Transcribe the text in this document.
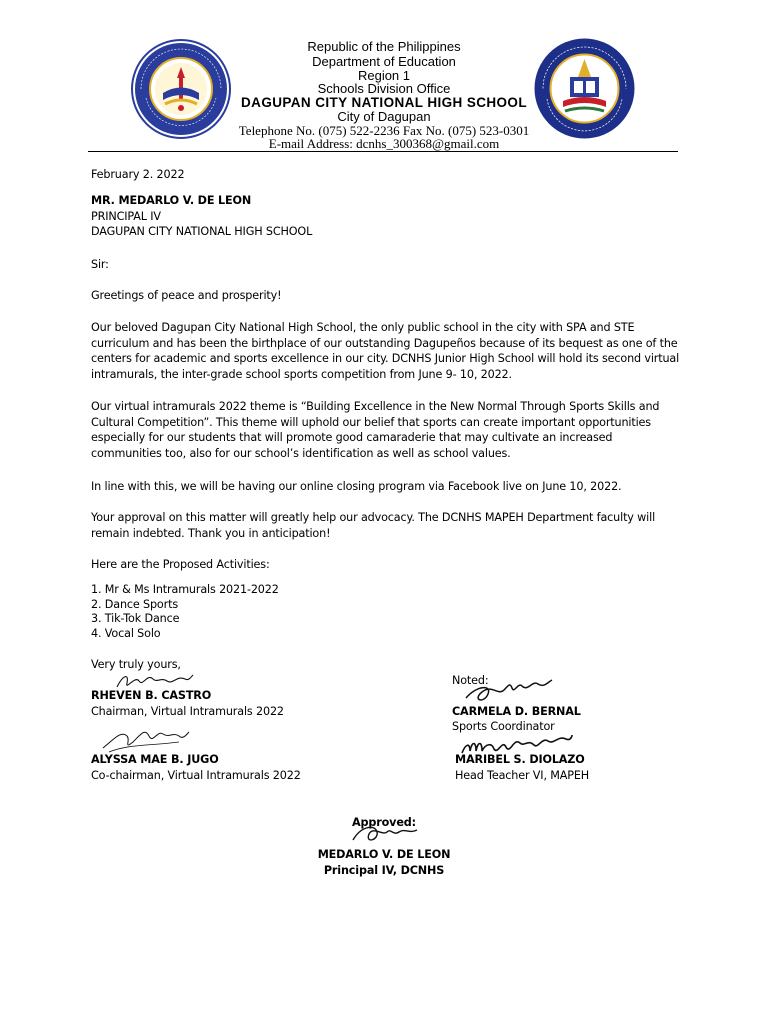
Republic of the Philippines
Department of Education
Region 1
Schools Division Office
DAGUPAN CITY NATIONAL HIGH SCHOOL
City of Dagupan
Telephone No. (075) 522-2236 Fax No. (075) 523-0301
E-mail Address: dcnhs_300368@gmail.com
February 2. 2022
MR. MEDARLO V. DE LEON
PRINCIPAL IV
DAGUPAN CITY NATIONAL HIGH SCHOOL
Sir:
Greetings of peace and prosperity!

Our beloved Dagupan City National High School, the only public school in the city with SPA and STE curriculum and has been the birthplace of our outstanding Dagupeños because of its bequest as one of the centers for academic and sports excellence in our city. DCNHS Junior High School will hold its second virtual intramurals, the inter-grade school sports competition from June 9- 10, 2022.

Our virtual intramurals 2022 theme is “Building Excellence in the New Normal Through Sports Skills and Cultural Competition”. This theme will uphold our belief that sports can create important opportunities especially for our students that will promote good camaraderie that may cultivate an increased communities too, also for our school’s identification as well as school values.

In line with this, we will be having our online closing program via Facebook live on June 10, 2022.

Your approval on this matter will greatly help our advocacy. The DCNHS MAPEH Department faculty will remain indebted. Thank you in anticipation!

Here are the Proposed Activities:
1. Mr & Ms Intramurals 2021-2022
2. Dance Sports
3. Tik-Tok Dance
4. Vocal Solo
Very truly yours,
RHEVEN B. CASTRO
Chairman, Virtual Intramurals 2022
Noted:
CARMELA D. BERNAL
Sports Coordinator
ALYSSA MAE B. JUGO
Co-chairman, Virtual Intramurals 2022
MARIBEL S. DIOLAZO
Head Teacher VI, MAPEH
Approved:
MEDARLO V. DE LEON
Principal IV, DCNHS
